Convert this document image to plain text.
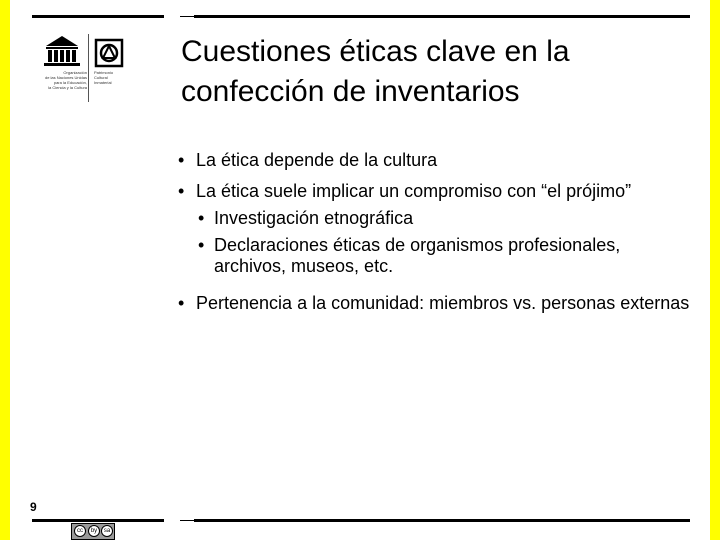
Organización
de las Naciones Unidas
para la Educación,
la Ciencia y la Cultura
Patrimonio
Cultural
Inmaterial
Cuestiones éticas clave en la confección de inventarios
• La ética depende de la cultura
• La ética suele implicar un compromiso con “el prójimo”
• Investigación etnográfica
• Declaraciones éticas de organismos profesionales, archivos, museos, etc.
• Pertenencia a la comunidad: miembros vs. personas externas
9
cc	by	sa
